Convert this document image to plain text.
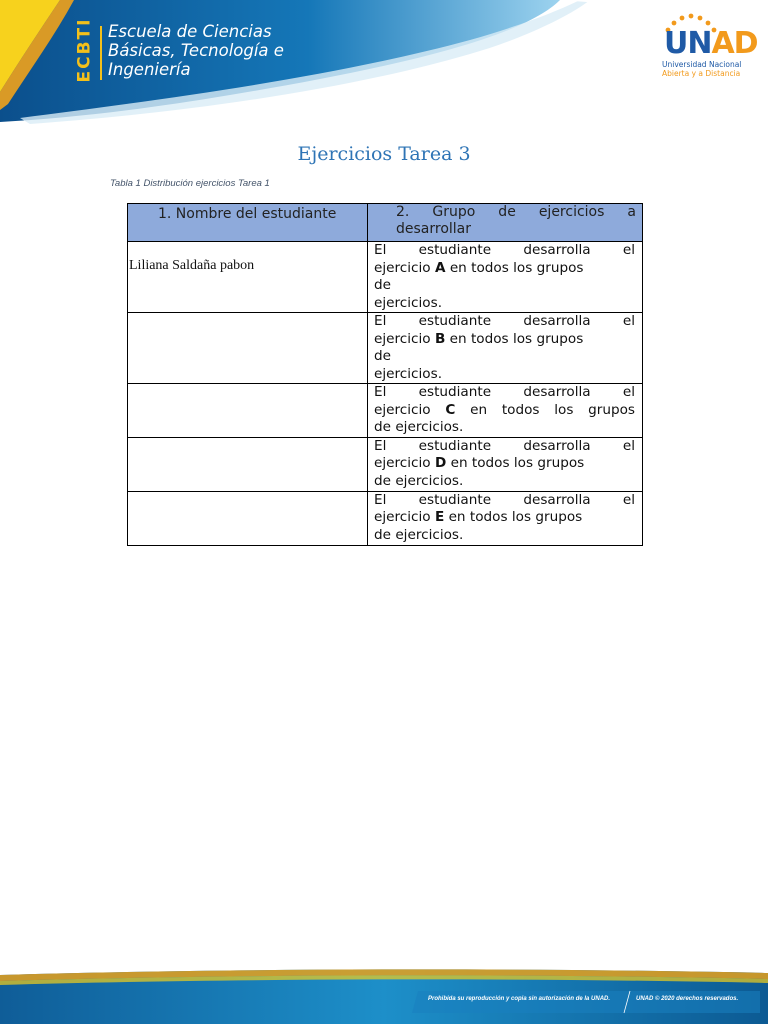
ECBTI Escuela de Ciencias
Básicas, Tecnología e
Ingeniería
UNAD
Universidad Nacional
Abierta y a Distancia
Ejercicios Tarea 3
Tabla 1 Distribución ejercicios Tarea 1
1. Nombre del estudiante	2. Grupo de ejercicios a desarrollar

Liliana Saldaña pabon	El estudiante desarrolla el
ejercicio A en todos los grupos
de
ejercicios.

	El estudiante desarrolla el
ejercicio B en todos los grupos
de
ejercicios.

	El estudiante desarrolla el
ejercicio C en todos los grupos
de ejercicios.

	El estudiante desarrolla el
ejercicio D en todos los grupos
de ejercicios.

	El estudiante desarrolla el
ejercicio E en todos los grupos
de ejercicios.
Prohibida su reproducción y copia sin autorización de la UNAD.	UNAD © 2020 derechos reservados.
